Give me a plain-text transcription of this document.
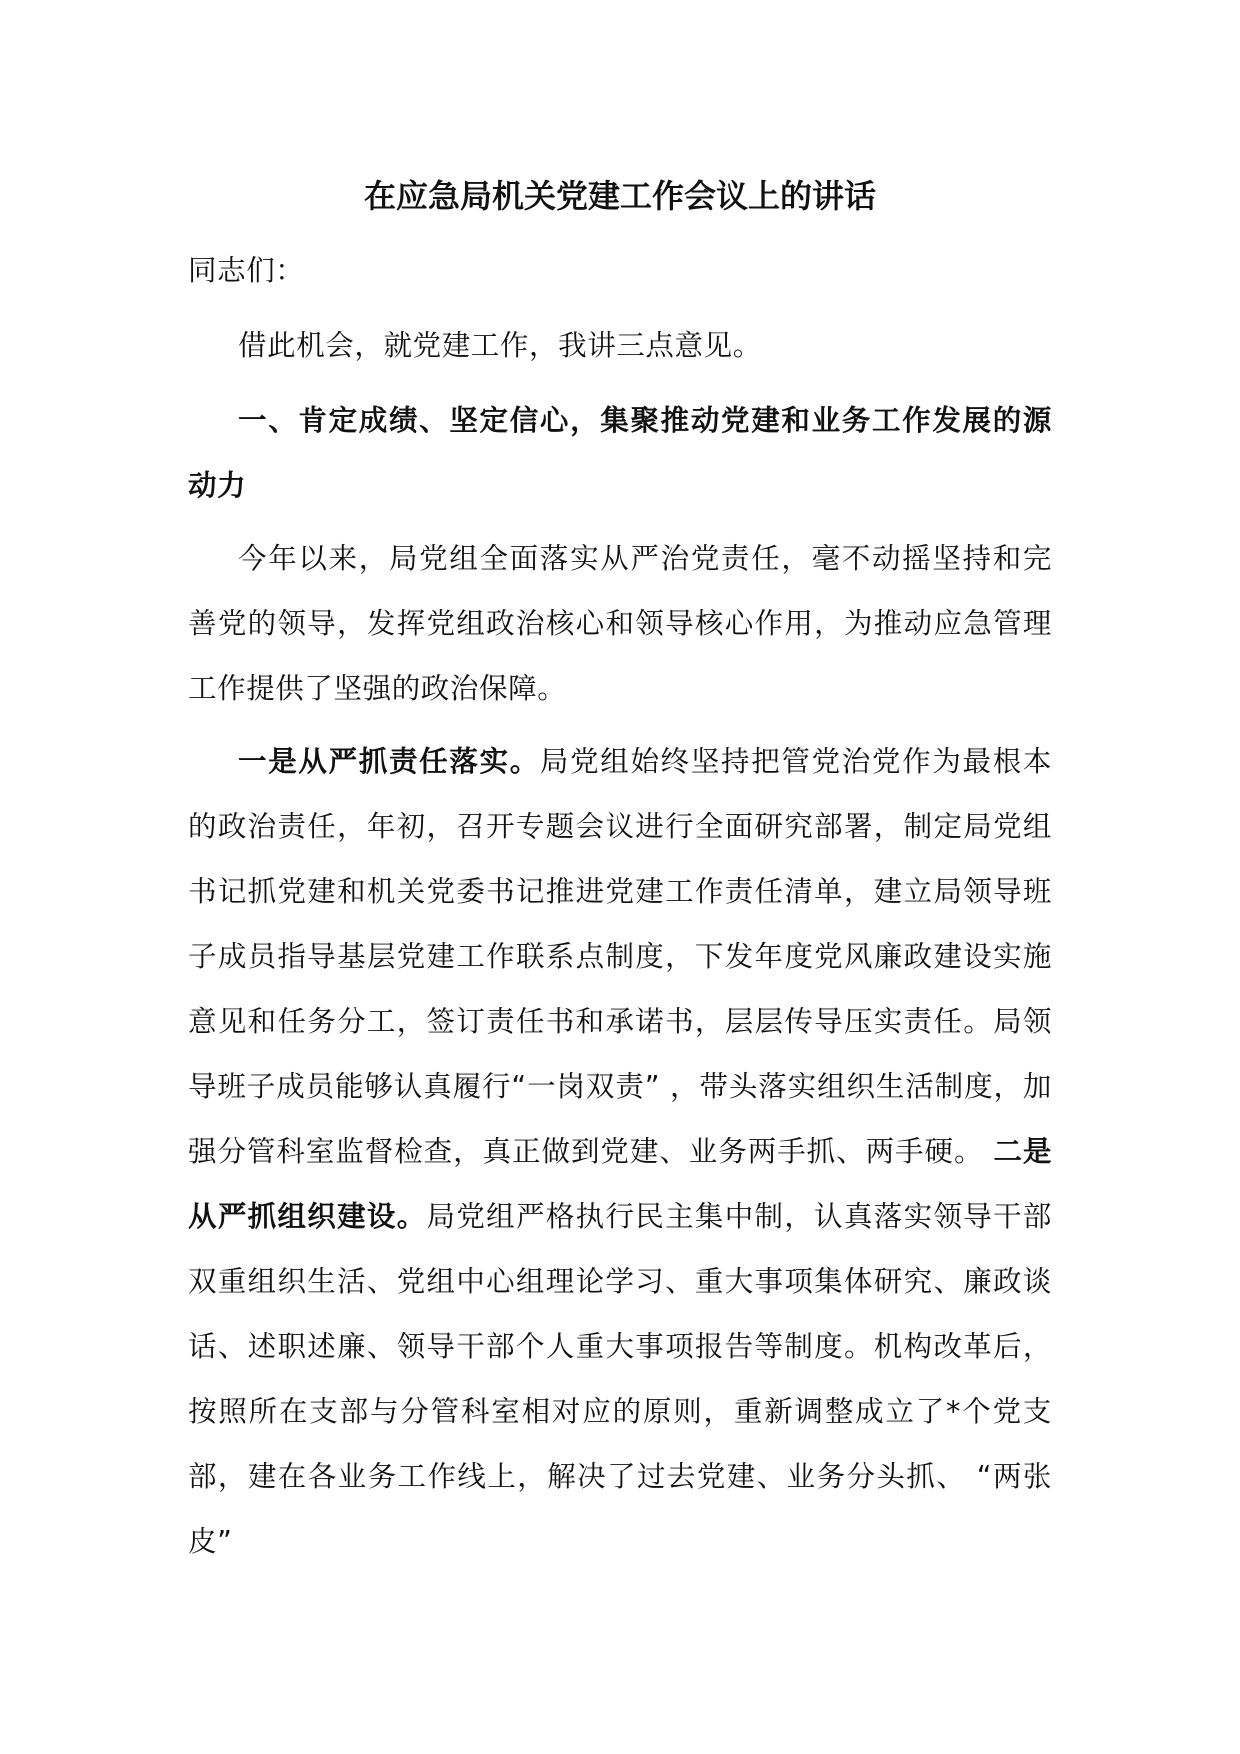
在应急局机关党建工作会议上的讲话

同志们：

借此机会，就党建工作，我讲三点意见。

一、肯定成绩、坚定信心，集聚推动党建和业务工作发展的源动力

今年以来，局党组全面落实从严治党责任，毫不动摇坚持和完善党的领导，发挥党组政治核心和领导核心作用，为推动应急管理工作提供了坚强的政治保障。

一是从严抓责任落实。局党组始终坚持把管党治党作为最根本的政治责任，年初，召开专题会议进行全面研究部署，制定局党组书记抓党建和机关党委书记推进党建工作责任清单，建立局领导班子成员指导基层党建工作联系点制度，下发年度党风廉政建设实施意见和任务分工，签订责任书和承诺书，层层传导压实责任。局领导班子成员能够认真履行“一岗双责” ，带头落实组织生活制度，加强分管科室监督检查，真正做到党建、业务两手抓、两手硬。 二是从严抓组织建设。局党组严格执行民主集中制，认真落实领导干部双重组织生活、党组中心组理论学习、重大事项集体研究、廉政谈话、述职述廉、领导干部个人重大事项报告等制度。机构改革后，按照所在支部与分管科室相对应的原则，重新调整成立了*个党支部，建在各业务工作线上，解决了过去党建、业务分头抓、 “两张皮”
